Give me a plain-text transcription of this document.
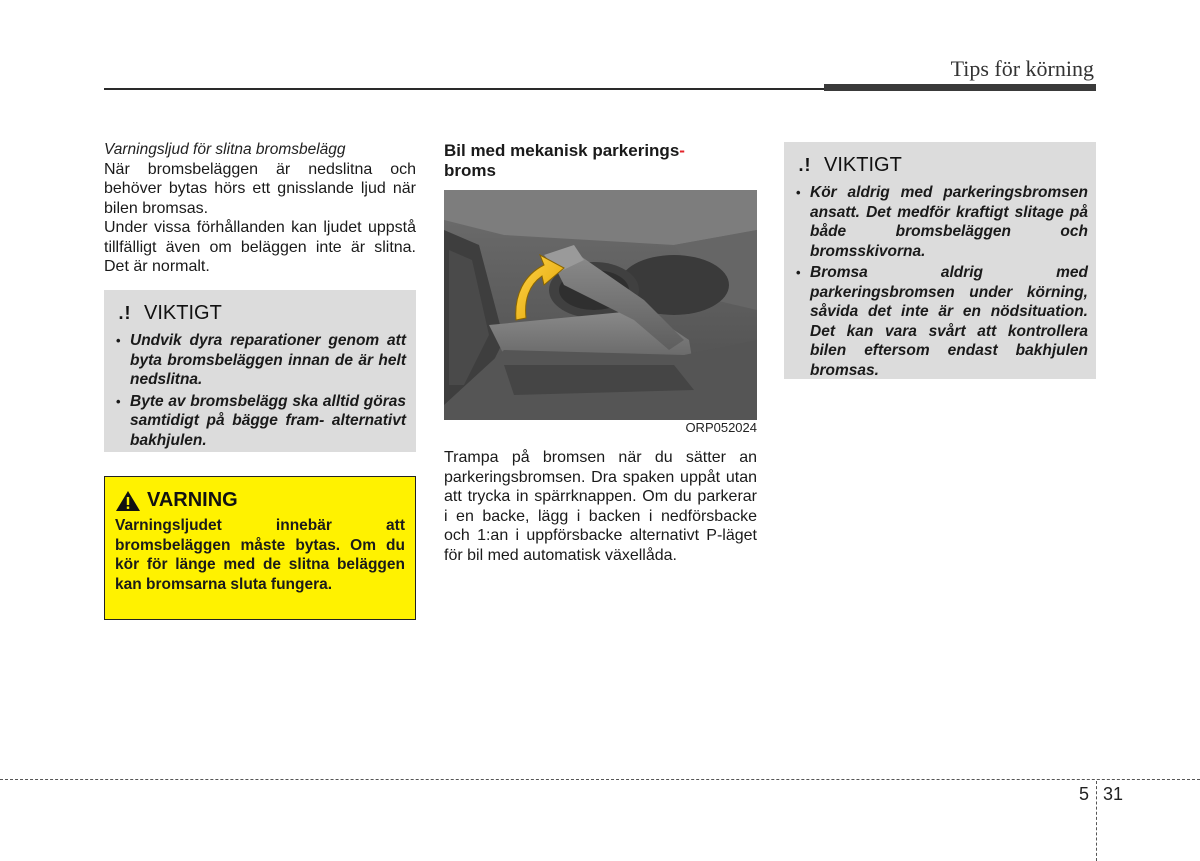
Tips för körning

Varningsljud för slitna bromsbelägg

När bromsbeläggen är nedslitna och behöver bytas hörs ett gnisslande ljud när bilen bromsas.

Under vissa förhållanden kan ljudet uppstå tillfälligt även om beläggen inte är slitna. Det är normalt.

.! VIKTIGT
• Undvik dyra reparationer genom att byta bromsbeläggen innan de är helt nedslitna.
• Byte av bromsbelägg ska alltid göras samtidigt på bägge fram- alternativt bakhjulen.
VARNING
Varningsljudet innebär att bromsbeläggen måste bytas. Om du kör för länge med de slitna beläggen kan bromsarna sluta fungera.

Bil med mekanisk parkerings-
broms

ORP052024

Trampa på bromsen när du sätter an parkeringsbromsen. Dra spaken uppåt utan att trycka in spärrknappen. Om du parkerar i en backe, lägg i backen i nedförsbacke och 1:an i uppförsbacke alternativt P-läget för bil med automatisk växellåda.

.! VIKTIGT
• Kör aldrig med parkeringsbromsen ansatt. Det medför kraftigt slitage på både bromsbeläggen och bromsskivorna.
• Bromsa aldrig med parkeringsbromsen under körning, såvida det inte är en nödsituation. Det kan vara svårt att kontrollera bilen eftersom endast bakhjulen bromsas.
5 31
